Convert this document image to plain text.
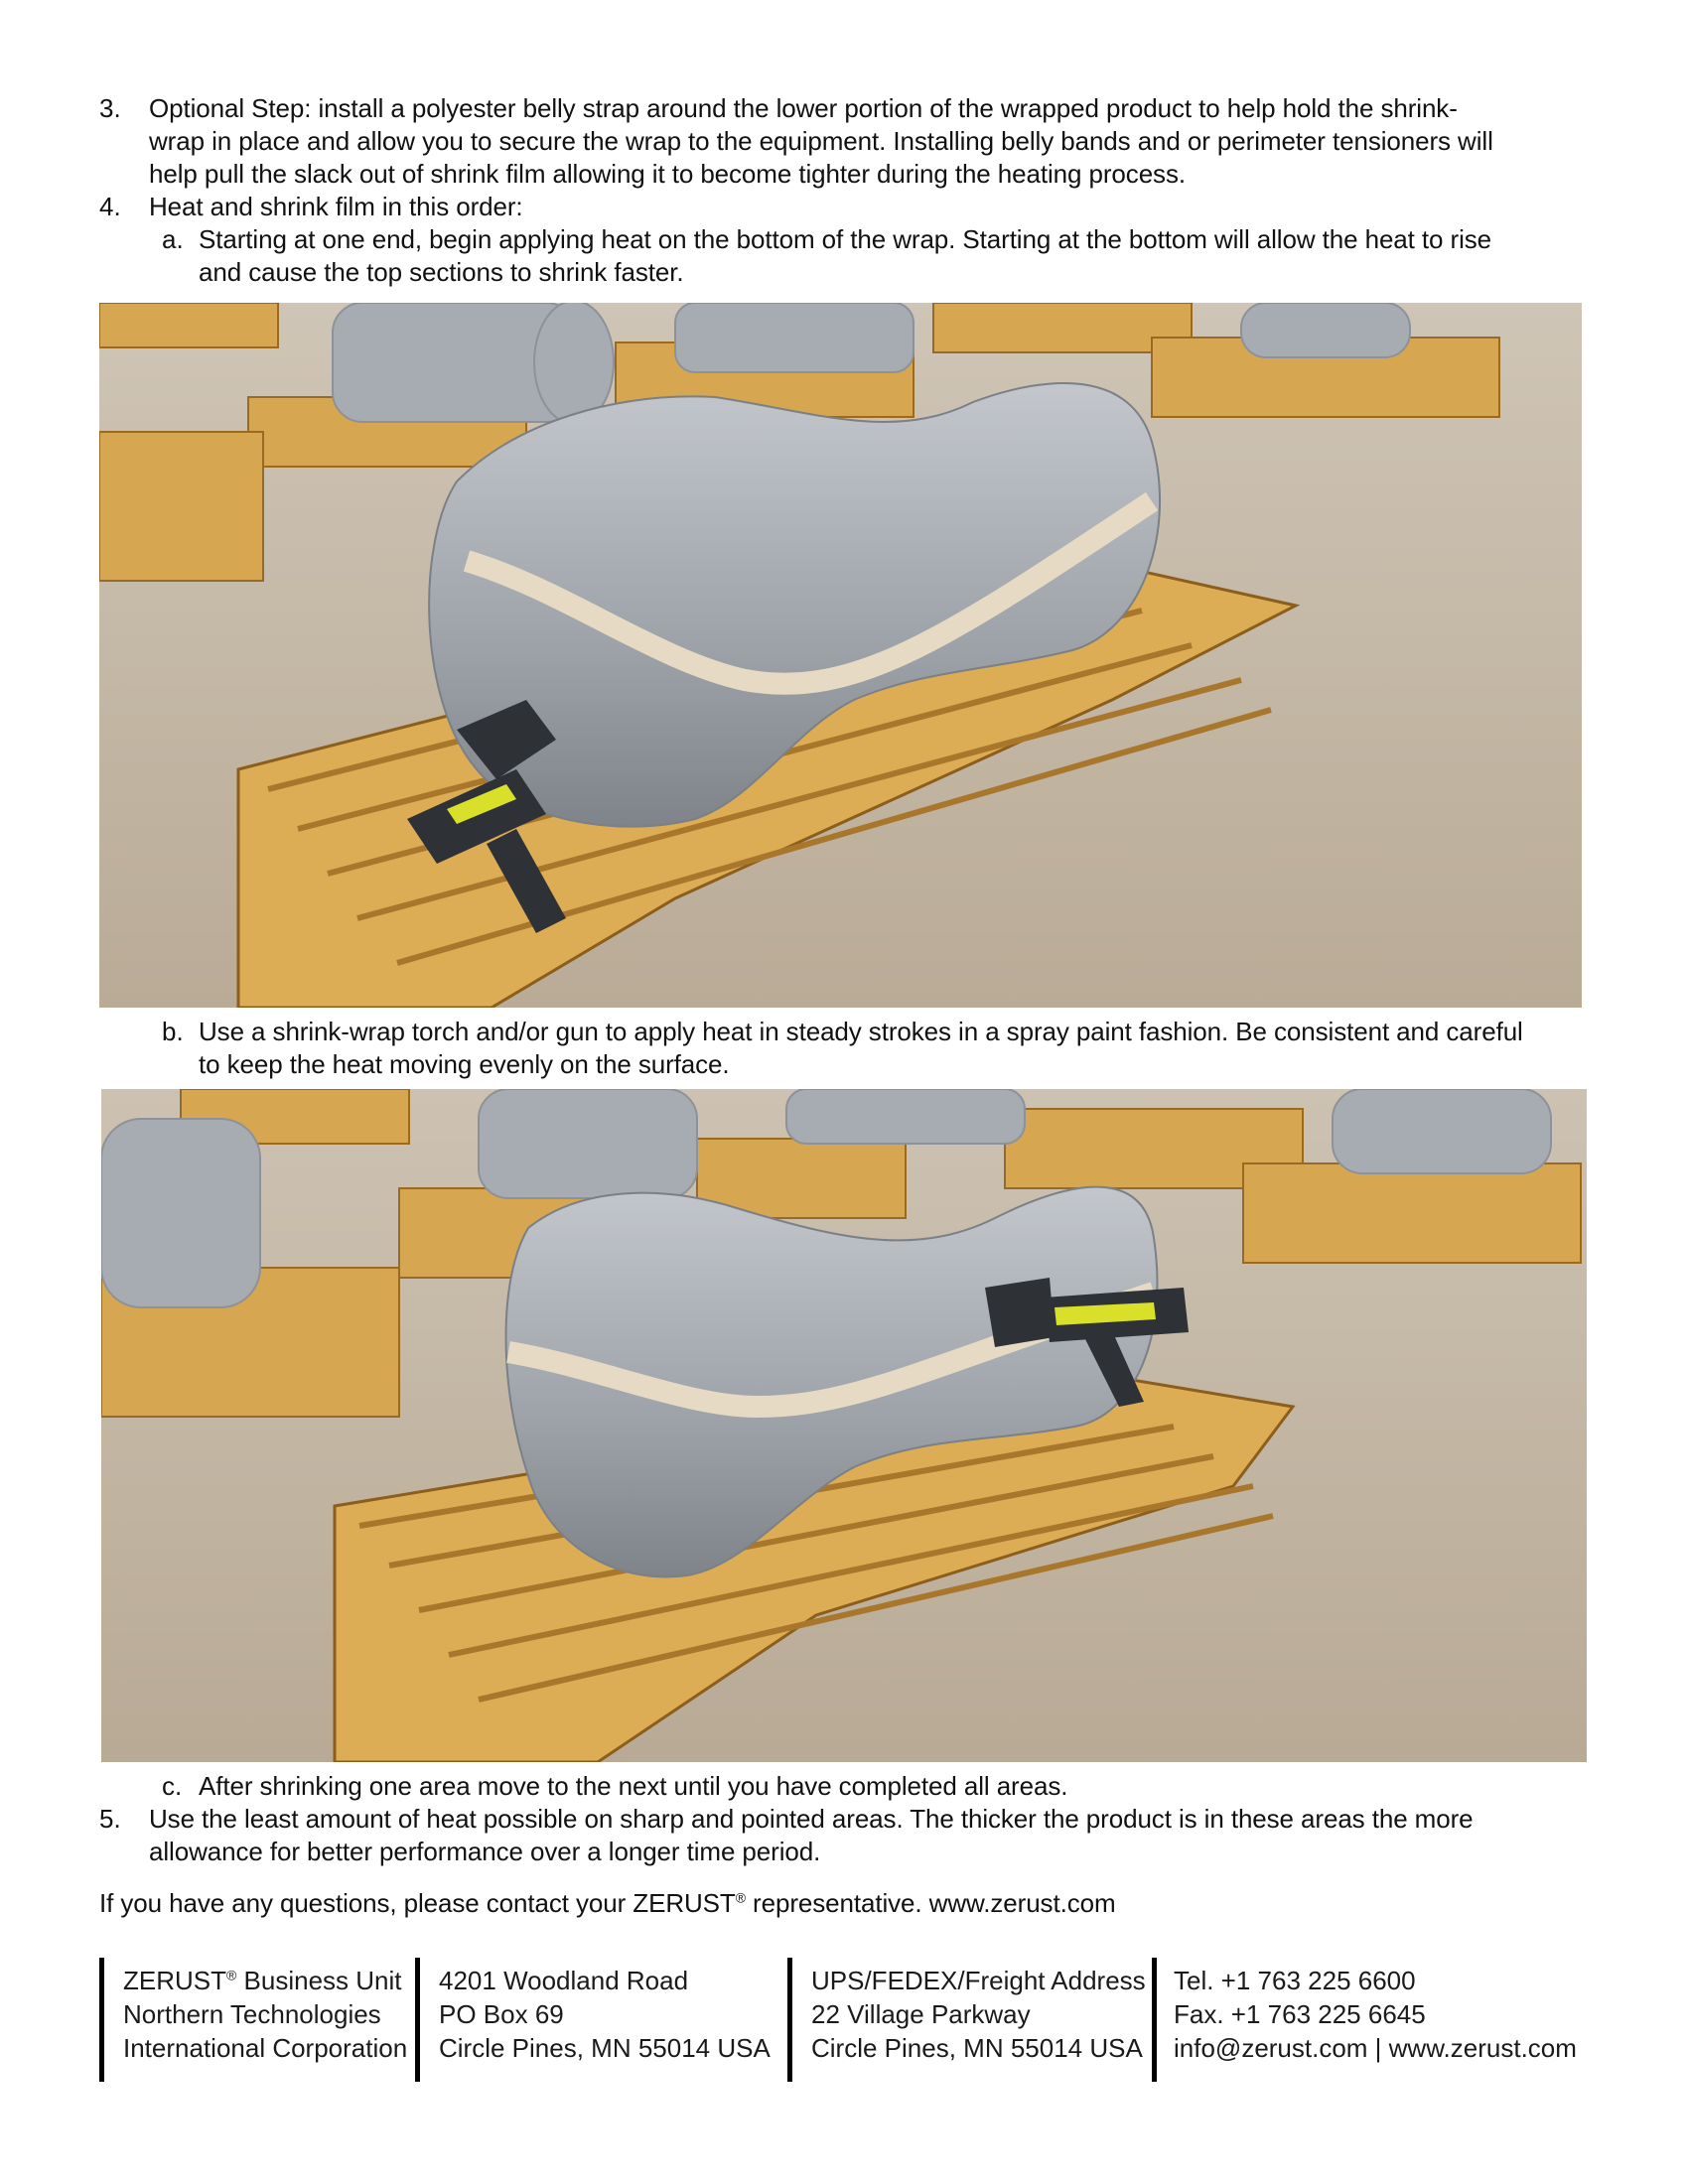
3. Optional Step: install a polyester belly strap around the lower portion of the wrapped product to help hold the shrink-
wrap in place and allow you to secure the wrap to the equipment. Installing belly bands and or perimeter tensioners will
help pull the slack out of shrink film allowing it to become tighter during the heating process.
4. Heat and shrink film in this order:
a. Starting at one end, begin applying heat on the bottom of the wrap. Starting at the bottom will allow the heat to rise
and cause the top sections to shrink faster.
b. Use a shrink-wrap torch and/or gun to apply heat in steady strokes in a spray paint fashion. Be consistent and careful
to keep the heat moving evenly on the surface.
c. After shrinking one area move to the next until you have completed all areas.
5. Use the least amount of heat possible on sharp and pointed areas. The thicker the product is in these areas the more
allowance for better performance over a longer time period.
If you have any questions, please contact your ZERUST® representative. www.zerust.com
ZERUST® Business Unit
Northern Technologies
International Corporation
4201 Woodland Road
PO Box 69
Circle Pines, MN 55014 USA
UPS/FEDEX/Freight Address
22 Village Parkway
Circle Pines, MN 55014 USA
Tel. +1 763 225 6600
Fax. +1 763 225 6645
info@zerust.com | www.zerust.com
